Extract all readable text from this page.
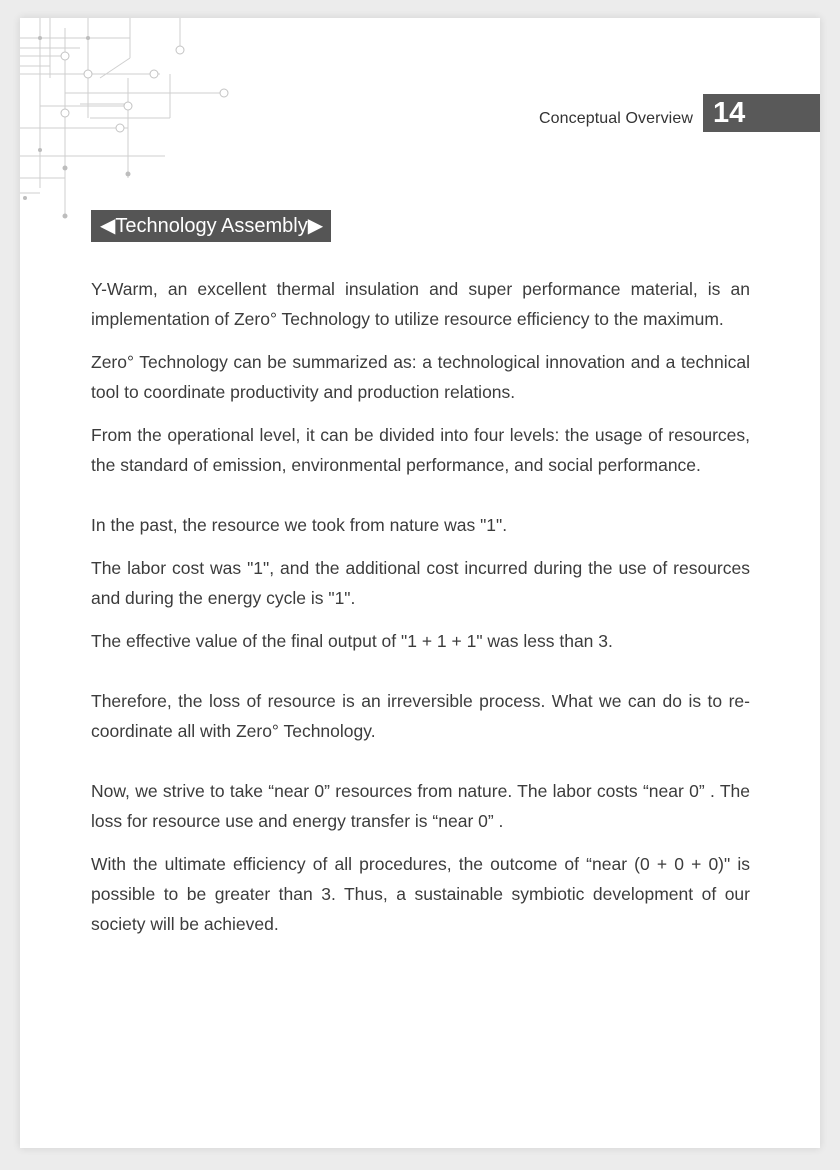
Conceptual Overview 14
◀Technology Assembly▶

Y-Warm, an excellent thermal insulation and super performance material, is an implementation of Zero° Technology to utilize resource efficiency to the maximum.

Zero° Technology can be summarized as: a technological innovation and a technical tool to coordinate productivity and production relations.

From the operational level, it can be divided into four levels: the usage of resources, the standard of emission, environmental performance, and social performance.

In the past, the resource we took from nature was "1".

The labor cost was "1", and the additional cost incurred during the use of resources and during the energy cycle is "1".

The effective value of the final output of "1 + 1 + 1" was less than 3.

Therefore, the loss of resource is an irreversible process. What we can do is to re-coordinate all with Zero° Technology.

Now, we strive to take “near 0” resources from nature. The labor costs “near 0” . The loss for resource use and energy transfer is “near 0” .

With the ultimate efficiency of all procedures, the outcome of “near (0 + 0 + 0)" is possible to be greater than 3. Thus, a sustainable symbiotic development of our society will be achieved.
